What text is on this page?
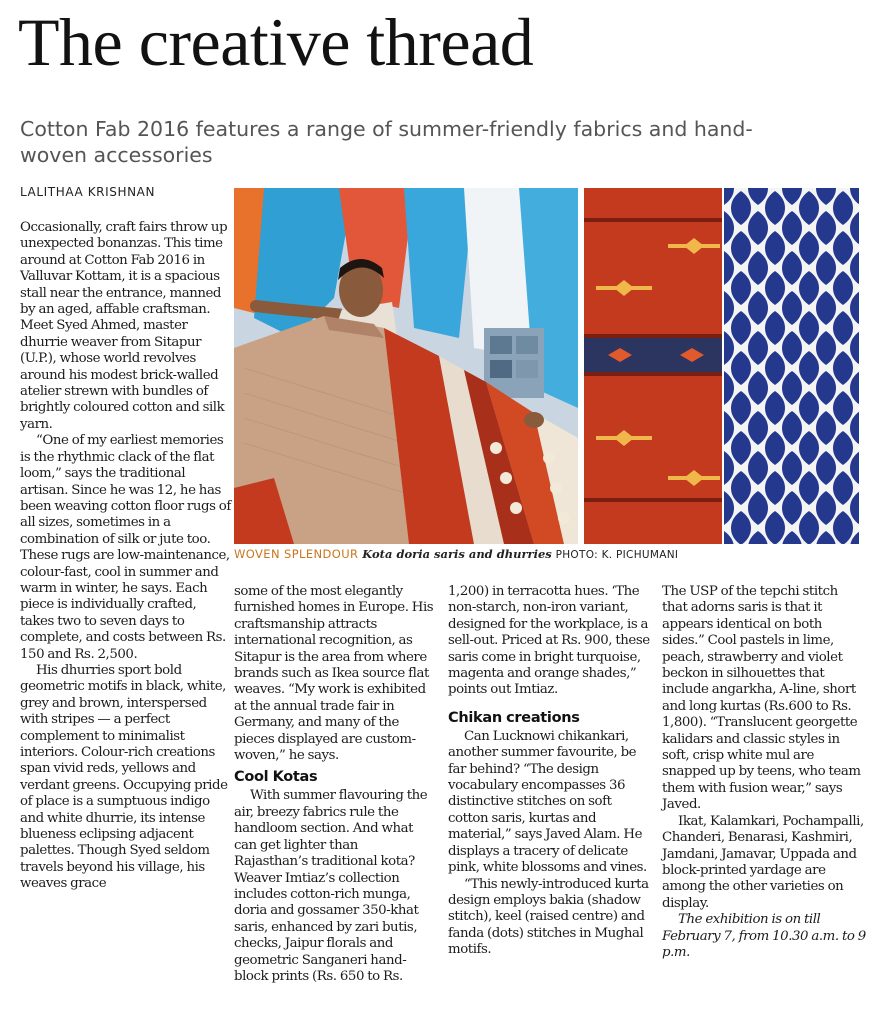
The creative thread
Cotton Fab 2016 features a range of summer-friendly fabrics and hand-woven accessories
LALITHAA KRISHNAN
WOVEN SPLENDOUR Kota doria saris and dhurries PHOTO: K. PICHUMANI

Occasionally, craft fairs throw up unexpected bonanzas. This time around at Cotton Fab 2016 in Valluvar Kottam, it is a spacious stall near the entrance, manned by an aged, affable craftsman. Meet Syed Ahmed, master dhurrie weaver from Sitapur (U.P.), whose world revolves around his modest brick-walled atelier strewn with bundles of brightly coloured cotton and silk yarn.

“One of my earliest memories is the rhythmic clack of the flat loom,” says the traditional artisan. Since he was 12, he has been weaving cotton floor rugs of all sizes, sometimes in a combination of silk or jute too. These rugs are low-maintenance, colour-fast, cool in summer and warm in winter, he says. Each piece is individually crafted, takes two to seven days to complete, and costs between Rs. 150 and Rs. 2,500.

His dhurries sport bold geometric motifs in black, white, grey and brown, interspersed with stripes — a perfect complement to minimalist interiors. Colour-rich creations span vivid reds, yellows and verdant greens. Occupying pride of place is a sumptuous indigo and white dhurrie, its intense blueness eclipsing adjacent palettes. Though Syed seldom travels beyond his village, his weaves grace

some of the most elegantly furnished homes in Europe. His craftsmanship attracts international recognition, as Sitapur is the area from where brands such as Ikea source flat weaves. “My work is exhibited at the annual trade fair in Germany, and many of the pieces displayed are custom-woven,” he says.

Cool Kotas

With summer flavouring the air, breezy fabrics rule the handloom section. And what can get lighter than Rajasthan’s traditional kota? Weaver Imtiaz’s collection includes cotton-rich munga, doria and gossamer 350-khat saris, enhanced by zari butis, checks, Jaipur florals and geometric Sanganeri hand-block prints (Rs. 650 to Rs.

1,200) in terracotta hues. ‘The non-starch, non-iron variant, designed for the workplace, is a sell-out. Priced at Rs. 900, these saris come in bright turquoise, magenta and orange shades,” points out Imtiaz.

Chikan creations

Can Lucknowi chikankari, another summer favourite, be far behind? “The design vocabulary encompasses 36 distinctive stitches on soft cotton saris, kurtas and material,” says Javed Alam. He displays a tracery of delicate pink, white blossoms and vines.

“This newly-introduced kurta design employs bakia (shadow stitch), keel (raised centre) and fanda (dots) stitches in Mughal motifs.

The USP of the tepchi stitch that adorns saris is that it appears identical on both sides.” Cool pastels in lime, peach, strawberry and violet beckon in silhouettes that include angarkha, A-line, short and long kurtas (Rs.600 to Rs. 1,800). “Translucent georgette kalidars and classic styles in soft, crisp white mul are snapped up by teens, who team them with fusion wear,” says Javed.

Ikat, Kalamkari, Pochampalli, Chanderi, Benarasi, Kashmiri, Jamdani, Jamavar, Uppada and block-printed yardage are among the other varieties on display.

The exhibition is on till February 7, from 10.30 a.m. to 9 p.m.
